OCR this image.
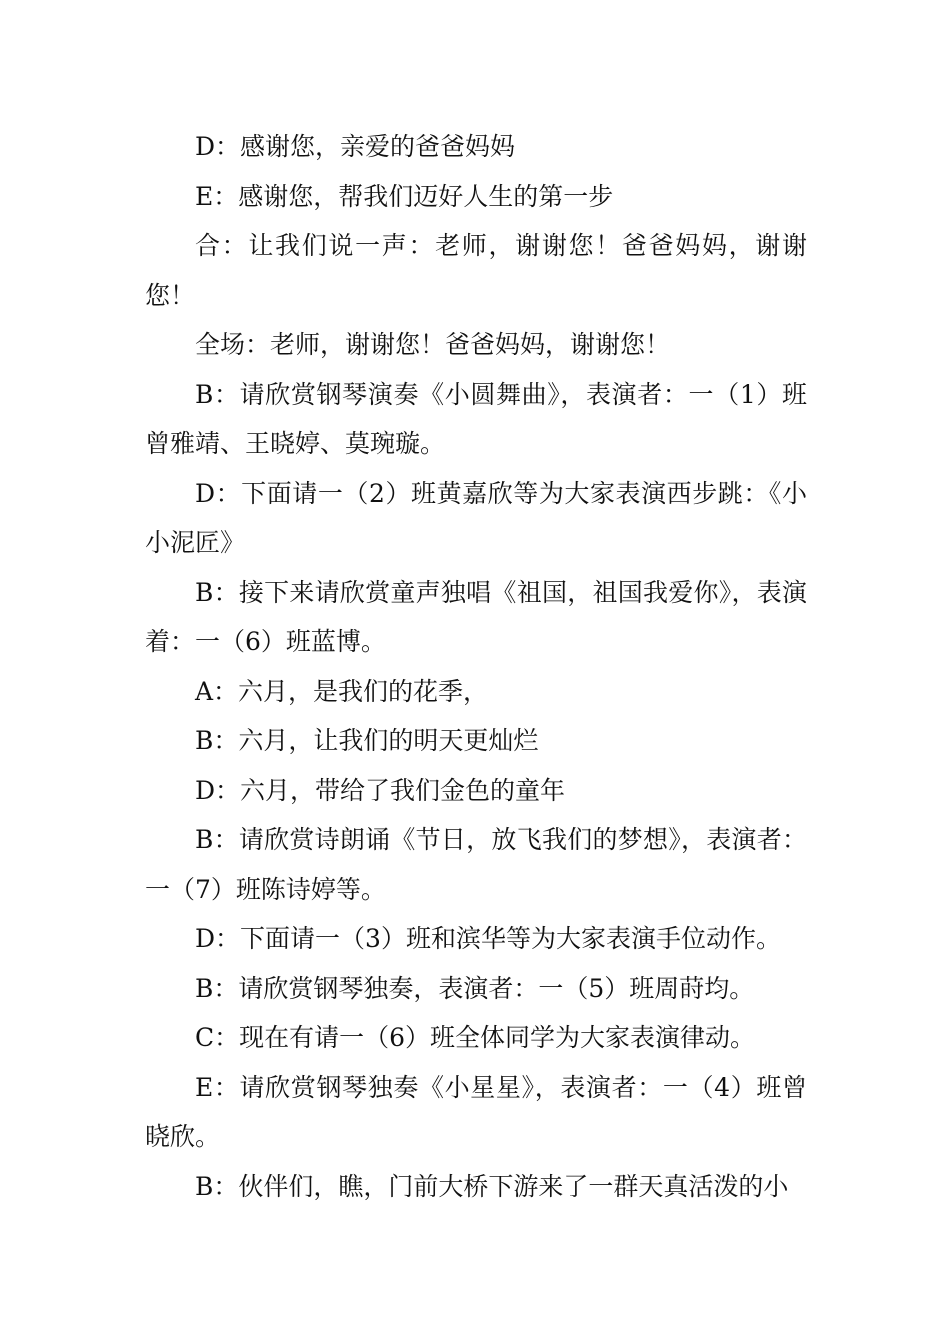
D：感谢您，亲爱的爸爸妈妈

E：感谢您，帮我们迈好人生的第一步

合：让我们说一声：老师，谢谢您！爸爸妈妈，谢谢您！

全场：老师，谢谢您！爸爸妈妈，谢谢您！

B：请欣赏钢琴演奏《小圆舞曲》，表演者：一（1）班曾雅靖、王晓婷、莫琬璇。

D：下面请一（2）班黄嘉欣等为大家表演西步跳：《小小泥匠》

B：接下来请欣赏童声独唱《祖国，祖国我爱你》，表演着：一（6）班蓝博。

A：六月，是我们的花季，

B：六月，让我们的明天更灿烂

D：六月，带给了我们金色的童年

B：请欣赏诗朗诵《节日，放飞我们的梦想》，表演者：一（7）班陈诗婷等。

D：下面请一（3）班和滨华等为大家表演手位动作。

B：请欣赏钢琴独奏，表演者：一（5）班周莳均。

C：现在有请一（6）班全体同学为大家表演律动。

E：请欣赏钢琴独奏《小星星》，表演者：一（4）班曾晓欣。

B：伙伴们，瞧，门前大桥下游来了一群天真活泼的小
